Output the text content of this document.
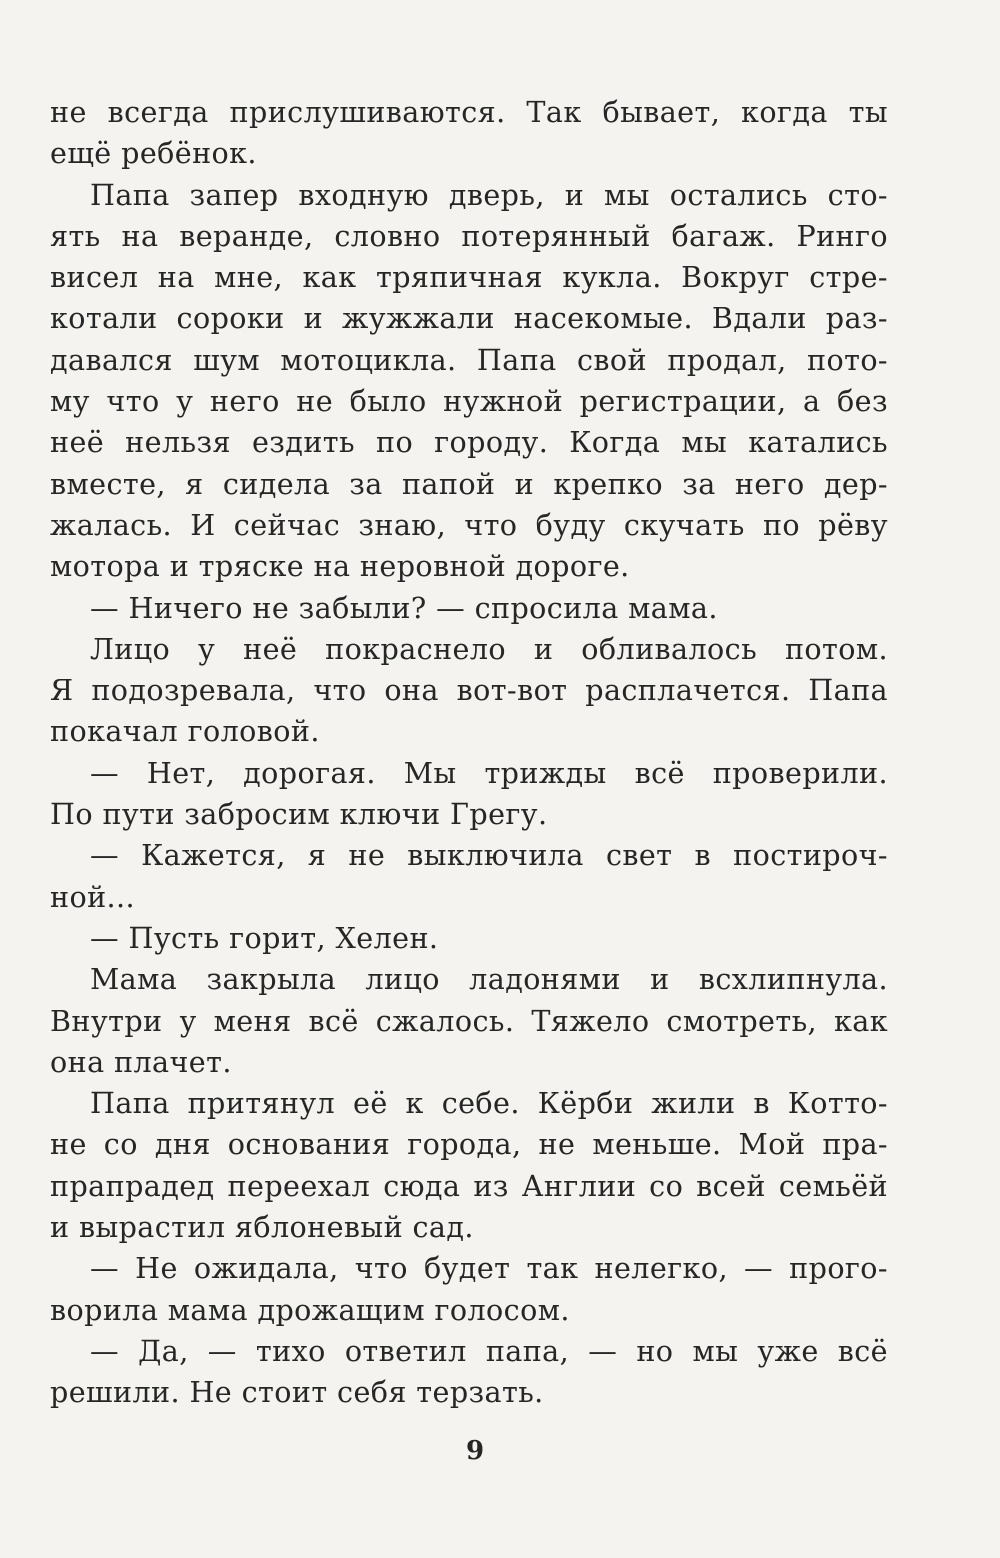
не всегда прислушиваются. Так бывает, когда ты
ещё ребёнок.
Папа запер входную дверь, и мы остались сто-
ять на веранде, словно потерянный багаж. Ринго
висел на мне, как тряпичная кукла. Вокруг стре-
котали сороки и жужжали насекомые. Вдали раз-
давался шум мотоцикла. Папа свой продал, пото-
му что у него не было нужной регистрации, а без
неё нельзя ездить по городу. Когда мы катались
вместе, я сидела за папой и крепко за него дер-
жалась. И сейчас знаю, что буду скучать по рёву
мотора и тряске на неровной дороге.
— Ничего не забыли? — спросила мама.
Лицо у неё покраснело и обливалось потом.
Я подозревала, что она вот-вот расплачется. Папа
покачал головой.
— Нет, дорогая. Мы трижды всё проверили.
По пути забросим ключи Грегу.
— Кажется, я не выключила свет в постироч-
ной...
— Пусть горит, Хелен.
Мама закрыла лицо ладонями и всхлипнула.
Внутри у меня всё сжалось. Тяжело смотреть, как
она плачет.
Папа притянул её к себе. Кёрби жили в Котто-
не со дня основания города, не меньше. Мой пра-
прапрадед переехал сюда из Англии со всей семьёй
и вырастил яблоневый сад.
— Не ожидала, что будет так нелегко, — прого-
ворила мама дрожащим голосом.
— Да, — тихо ответил папа, — но мы уже всё
решили. Не стоит себя терзать.
9
